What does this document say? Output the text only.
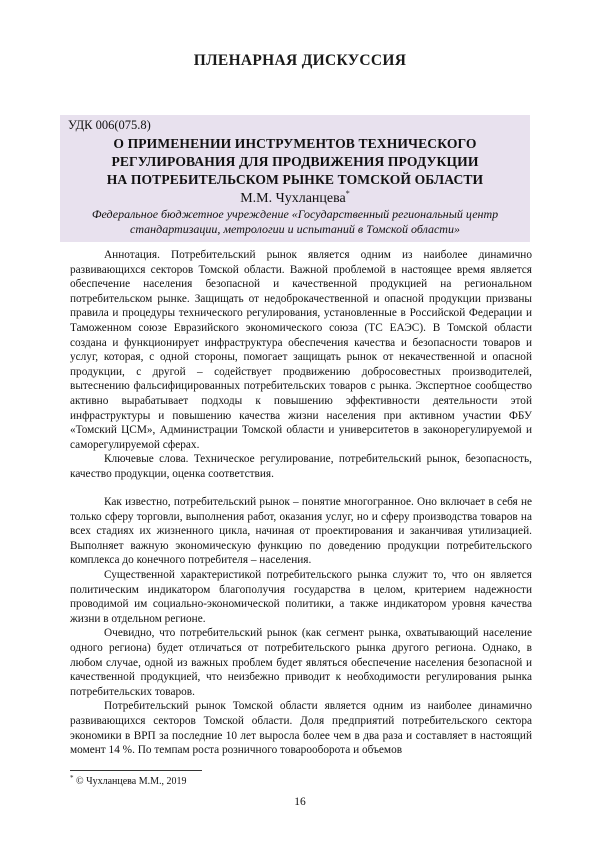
ПЛЕНАРНАЯ ДИСКУССИЯ
УДК 006(075.8)
О ПРИМЕНЕНИИ ИНСТРУМЕНТОВ ТЕХНИЧЕСКОГО
РЕГУЛИРОВАНИЯ ДЛЯ ПРОДВИЖЕНИЯ ПРОДУКЦИИ
НА ПОТРЕБИТЕЛЬСКОМ РЫНКЕ ТОМСКОЙ ОБЛАСТИ
М.М. Чухланцева*
Федеральное бюджетное учреждение «Государственный региональный центр
стандартизации, метрологии и испытаний в Томской области»

Аннотация. Потребительский рынок является одним из наиболее динамично развивающихся секторов Томской области. Важной проблемой в настоящее время является обеспечение населения безопасной и качественной продукцией на региональном потребительском рынке. Защищать от недоброкачественной и опасной продукции призваны правила и процедуры технического регулирования, установленные в Российской Федерации и Таможенном союзе Евразийского экономического союза (ТС ЕАЭС). В Томской области создана и функционирует инфраструктура обеспечения качества и безопасности товаров и услуг, которая, с одной стороны, помогает защищать рынок от некачественной и опасной продукции, с другой – содействует продвижению добросовестных производителей, вытеснению фальсифицированных потребительских товаров с рынка. Экспертное сообщество активно вырабатывает подходы к повышению эффективности деятельности этой инфраструктуры и повышению качества жизни населения при активном участии ФБУ «Томский ЦСМ», Администрации Томской области и университетов в законорегулируемой и саморегулируемой сферах.

Ключевые слова. Техническое регулирование, потребительский рынок, безопасность, качество продукции, оценка соответствия.

Как известно, потребительский рынок – понятие многогранное. Оно включает в себя не только сферу торговли, выполнения работ, оказания услуг, но и сферу производства товаров на всех стадиях их жизненного цикла, начиная от проектирования и заканчивая утилизацией. Выполняет важную экономическую функцию по доведению продукции потребительского комплекса до конечного потребителя – населения.

Существенной характеристикой потребительского рынка служит то, что он является политическим индикатором благополучия государства в целом, критерием надежности проводимой им социально-экономической политики, а также индикатором уровня качества жизни в отдельном регионе.

Очевидно, что потребительский рынок (как сегмент рынка, охватывающий население одного региона) будет отличаться от потребительского рынка другого региона. Однако, в любом случае, одной из важных проблем будет являться обеспечение населения безопасной и качественной продукцией, что неизбежно приводит к необходимости регулирования рынка потребительских товаров.

Потребительский рынок Томской области является одним из наиболее динамично развивающихся секторов Томской области. Доля предприятий потребительского сектора экономики в ВРП за последние 10 лет выросла более чем в два раза и составляет в настоящий момент 14 %. По темпам роста розничного товарооборота и объемов

* © Чухланцева М.М., 2019
16
